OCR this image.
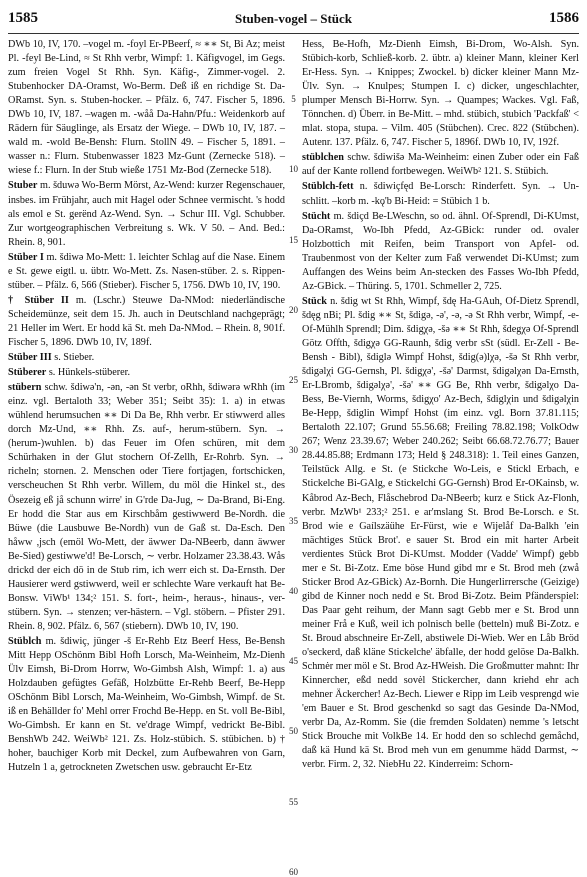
1585	Stuben-vogel – Stück	1586

DWb 10, IV, 170. –vogel m. -foyl Er-PBeerf, ≈ ∗∗ St, Bi Az; meist Pl. -feyl Be-Lind, ≈ St Rhh verbr, Wimpf: 1. Käfigvogel, im Gegs. zum freien Vogel St Rhh. Syn. Käfig-, Zimmer-vogel. 2. Stubenhocker DA-Oramst, Wo-Berm. Deß iß en richdige St. Da-ORamst. Syn. s. Stuben-hocker. – Pfälz. 6, 747. Fischer 5, 1896. DWb 10, IV, 187. –wagen m. -wåå Da-Hahn/Pfu.: Weidenkorb auf Rädern für Säuglinge, als Ersatz der Wiege. – DWb 10, IV, 187. –wald m. -wold Be-Bensh: Flurn. StollN 49. – Fischer 5, 1891. –wasser n.: Flurn. Stubenwasser 1823 Mz-Gunt (Zernecke 518). –wiese f.: Flurn. In der Stub wieße 1751 Mz-Bod (Zernecke 518).

Stuber m. šduwə Wo-Berm Mörst, Az-Wend: kurzer Regenschauer, insbes. im Frühjahr, auch mit Hagel oder Schnee vermischt. 's hodd als emol e St. gerënd Az-Wend. Syn. → Schur III. Vgl. Schubber. Zur wortgeographischen Verbreitung s. Wk. V 50. – And. Bed.: Rhein. 8, 901.

Stüber I m. šdiwə Mo-Mett: 1. leichter Schlag auf die Nase. Einem e St. gewe eigtl. u. übtr. Wo-Mett. Zs. Nasen-stüber. 2. s. Rippen-stüber. – Pfälz. 6, 566 (Stieber). Fischer 5, 1756. DWb 10, IV, 190.

† Stüber II m. (Lschr.) Steuwe Da-NMod: niederländische Scheidemünze, seit dem 15. Jh. auch in Deutschland nachgeprägt; 21 Heller im Wert. Er hodd kä St. meh Da-NMod. – Rhein. 8, 901f. Fischer 5, 1896. DWb 10, IV, 189f.

Stüber III s. Stieber.

Stüberer s. Hünkels-stüberer.

stübern schw. šdiwə'n, -ən, -ən St verbr, oRhh, šdiwərə wRhh (im einz. vgl. Bertaloth 33; Weber 351; Seibt 35): 1. a) in etwas wühlend herumsuchen ∗∗ Di Da Be, Rhh verbr. Er stiwwerd alles dorch Mz-Und, ∗∗ Rhh. Zs. auf-, herum-stübern. Syn. → (herum-)wuhlen. b) das Feuer im Ofen schüren, mit dem Schürhaken in der Glut stochern Of-Zellh, Er-Rohrb. Syn. → richeln; stornen. 2. Menschen oder Tiere fortjagen, fortschicken, verscheuchen St Rhh verbr. Willem, du möl die Hinkel st., des Ösezeig eß jå schunn wirre' in G'rde Da-Jug, ∼ Da-Brand, Bi-Eng. Er hodd die Star aus em Kirschbåm gestiwwerd Be-Nordh. die Büwe (die Lausbuwe Be-Nordh) vun de Gaß st. Da-Esch. Den håww ,jsch (emöl Wo-Mett, der äwwer Da-NBeerb, dann äwwer Be-Sied) gestiwwe'd! Be-Lorsch, ∼ verbr. Holzamer 23.38.43. Wås drickd der eich dö in de Stub rim, ich werr eich st. Da-Ernsth. Der Hausierer werd gstiwwerd, weil er schlechte Ware verkauft hat Be-Bonsw. ViWb¹ 134;² 151. S. fort-, heim-, heraus-, hinaus-, ver-stübern. Syn. → stenzen; ver-hästern. – Vgl. stöbern. – Pfister 291. Rhein. 8, 902. Pfälz. 6, 567 (stiebern). DWb 10, IV, 190.

Stüblch m. šdiwiç, jünger -š Er-Rehb Etz Beerf Hess, Be-Bensh Mitt Hepp OSchönm Bibl Hofh Lorsch, Ma-Weinheim, Mz-Dienh Ülv Eimsh, Bi-Drom Horrw, Wo-Gimbsh Alsh, Wimpf: 1. a) aus Holzdauben gefügtes Gefäß, Holzbütte Er-Rehb Beerf, Be-Hepp OSchönm Bibl Lorsch, Ma-Weinheim, Wo-Gimbsh, Wimpf. de St. iß en Behällder fo' Mehl orrer Frochd Be-Hepp. en St. voll Be-Bibl, Wo-Gimbsh. Er kann en St. ve'drage Wimpf, vedrickt Be-Bibl. BenshWb 242. WeiWb² 121. Zs. Holz-stübich. S. stübichen. b) † hoher, bauchiger Korb mit Deckel, zum Aufbewahren von Garn, Hutzeln 1 a, getrockneten Zwetschen usw. gebraucht Er-Etz

5
10
15
20
25
30
35
40
45
50
55
60

Hess, Be-Hofh, Mz-Dienh Eimsh, Bi-Drom, Wo-Alsh. Syn. Stübich-korb, Schließ-korb. 2. übtr. a) kleiner Mann, kleiner Kerl Er-Hess. Syn. → Knippes; Zwockel. b) dicker kleiner Mann Mz-Ülv. Syn. → Knulpes; Stumpen I. c) dicker, ungeschlachter, plumper Mensch Bi-Horrw. Syn. → Quampes; Wackes. Vgl. Faß, Tönnchen. d) Überr. in Be-Mitt. – mhd. stübich, stubich 'Packfaß' < mlat. stopa, stupa. – Vilm. 405 (Stübchen). Crec. 822 (Stübchen). Autenr. 137. Pfälz. 6, 747. Fischer 5, 1896f. DWb 10, IV, 192f.

stüblchen schw. šdiwišə Ma-Weinheim: einen Zuber oder ein Faß auf der Kante rollend fortbewegen. WeiWb² 121. S. Stübich.

Stüblch-fett n. šdiwiçfęd Be-Lorsch: Rinderfett. Syn. → Un-schlitt. –korb m. -kǫ'b Bi-Heid: = Stübich 1 b.

Stücht m. šdiçd Be-LWeschn, so od. ähnl. Of-Sprendl, Di-KUmst, Da-ORamst, Wo-Ibh Pfedd, Az-GBick: runder od. ovaler Holzbottich mit Reifen, beim Transport von Apfel- od. Traubenmost von der Kelter zum Faß verwendet Di-KUmst; zum Auffangen des Weins beim An-stecken des Fasses Wo-Ibh Pfedd, Az-GBick. – Thüring. 5, 1701. Schmeller 2, 725.

Stück n. šdig wt St Rhh, Wimpf, šdę Ha-GAuh, Of-Dietz Sprendl, šdęg nBi; Pl. šdig ∗∗ St, šdigə, -ə', -ə, -ə St Rhh verbr, Wimpf, -e- Of-Mühlh Sprendl; Dim. šdigχə, -šə ∗∗ St Rhh, šdegχə Of-Sprendl Götz Offth, šdigχə GG-Raunh, šdig verbr sSt (südl. Er-Zell - Be-Bensh - Bibl), šdiglə Wimpf Hohst, šdig(ə)lχə, -šə St Rhh verbr, šdigəlχi GG-Gernsh, Pl. šdigχə', -šə' Darmst, šdigəlχən Da-Ernsth, Er-LBromb, šdigəlχə', -šə' ∗∗ GG Be, Rhh verbr, šdigəlχo Da-Bess, Be-Viernh, Worms, šdigχo' Az-Bech, šdiglχin und šdigəlχin Be-Hepp, šdiglin Wimpf Hohst (im einz. vgl. Born 37.81.115; Bertaloth 22.107; Grund 55.56.68; Freiling 78.82.198; VolkOdw 267; Wenz 23.39.67; Weber 240.262; Seibt 66.68.72.76.77; Bauer 28.44.85.88; Erdmann 173; Held § 248.318): 1. Teil eines Ganzen, Teilstück Allg. e St. (e Stickche Wo-Leis, e Stickl Erbach, e Stickelche Bi-GAlg, e Stickelchi GG-Gernsh) Brod Er-OKainsb, w. Kåbrod Az-Bech, Flåschebrod Da-NBeerb; kurz e Stick Az-Flonh, verbr. MzWb¹ 233;² 251. e ar'mslang St. Brod Be-Lorsch. e St. Brod wie e Gaílszäühe Er-Fürst, wie e Wijelåf Da-Balkh 'ein mächtiges Stück Brot'. e sauer St. Brod ein mit harter Arbeit verdientes Stück Brot Di-KUmst. Modder (Vadde' Wimpf) gebb mer e St. Bi-Zotz. Eme böse Hund gibd mr e St. Brod meh (zwå Sticker Brod Az-GBick) Az-Bornh. Die Hungerlirrersche (Geizige) gibd de Kinner noch nedd e St. Brod Bi-Zotz. Beim Pfänderspiel: Das Paar geht reihum, der Mann sagt Gebb mer e St. Brod unn meiner Frå e Kuß, weil ich polnisch belle (betteln) muß Bi-Zotz. e St. Broud abschneire Er-Zell, abstiwele Di-Wieb. Wer en Låb Bröd o'seckerd, daß kläne Stickelche' äbfalle, der hodd gelöse Da-Balkh. Schmėr mer möl e St. Brod Az-HWeish. Die Großmutter mahnt: Ihr Kinnercher, eßd nedd sovėl Stickercher, dann kriehd ehr ach mehner Äckercher! Az-Bech. Liewer e Ripp im Leib vesprengd wie 'em Bauer e St. Brod geschenkd so sagt das Gesinde Da-NMod, verbr Da, Az-Romm. Sie (die fremden Soldaten) nemme 's letscht Stick Brouche mit VolkBe 14. Er hodd den so schlechd gemåchd, daß kä Hund kä St. Brod meh vun em genumme hädd Darmst, ∼ verbr. Firm. 2, 32. NiebHu 22. Kinderreim: Schorn-
